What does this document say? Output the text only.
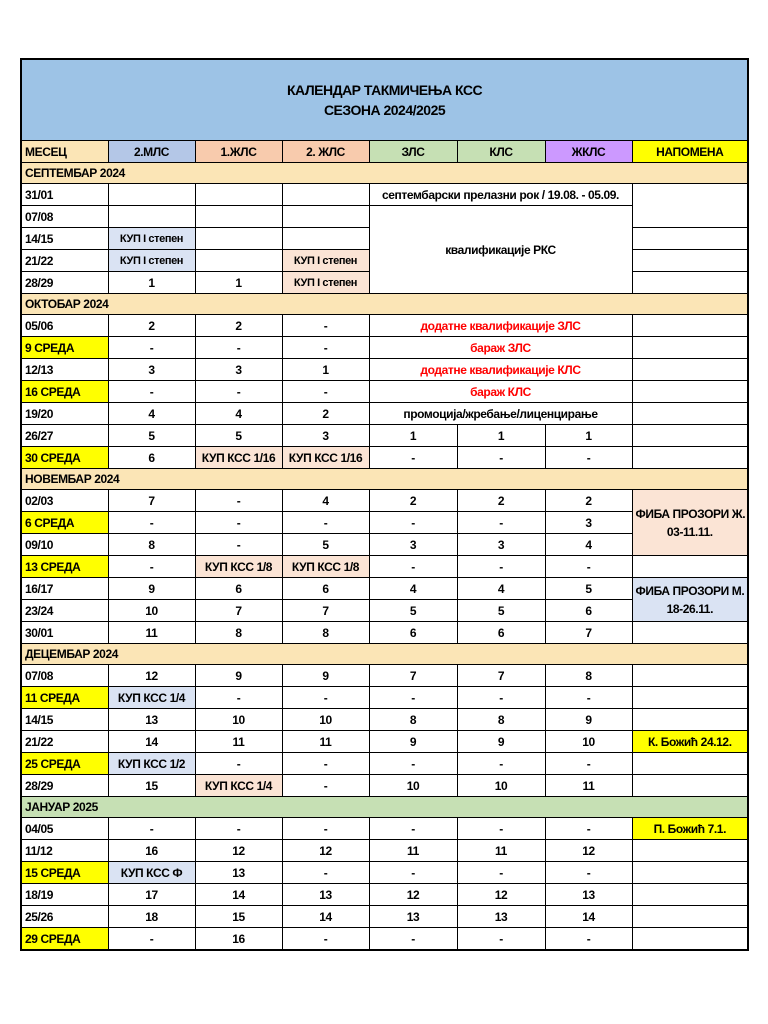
КАЛЕНДАР ТАКМИЧЕЊА КСС
СЕЗОНА 2024/2025							

МЕСЕЦ	2.МЛС	1.ЖЛС	2. ЖЛС	ЗЛС	КЛС	ЖКЛС	НАПОМЕНА
СЕПТЕМБАР 2024							
31/01				септембарски прелазни рок / 19.08. - 05.09.			
07/08				квалификације РКС			
14/15	КУП I степен						
21/22	КУП I степен		КУП I степен				
28/29	1	1	КУП I степен				
ОКТОБАР 2024							
05/06	2	2	-	додатне квалификације ЗЛС			
9 СРЕДА	-	-	-	бараж ЗЛС			
12/13	3	3	1	додатне квалификације КЛС			
16 СРЕДА	-	-	-	бараж КЛС			
19/20	4	4	2	промоција/жребање/лиценцирање			
26/27	5	5	3	1	1	1	
30 СРЕДА	6	КУП КСС 1/16	КУП КСС 1/16	-	-	-	
НОВЕМБАР 2024							
02/03	7	-	4	2	2	2	ФИБА ПРОЗОРИ Ж.
03-11.11.

6 СРЕДА	-	-	-	-	-	3	
09/10	8	-	5	3	3	4	
13 СРЕДА	-	КУП КСС 1/8	КУП КСС 1/8	-	-	-	
16/17	9	6	6	4	4	5	ФИБА ПРОЗОРИ М.
18-26.11.

23/24	10	7	7	5	5	6	
30/01	11	8	8	6	6	7	
ДЕЦЕМБАР 2024							
07/08	12	9	9	7	7	8	
11 СРЕДА	КУП КСС 1/4	-	-	-	-	-	
14/15	13	10	10	8	8	9	
21/22	14	11	11	9	9	10	К. Божић 24.12.
25 СРЕДА	КУП КСС 1/2	-	-	-	-	-	
28/29	15	КУП КСС 1/4	-	10	10	11	
ЈАНУАР 2025							
04/05	-	-	-	-	-	-	П. Божић 7.1.
11/12	16	12	12	11	11	12	
15 СРЕДА	КУП КСС Ф	13	-	-	-	-	
18/19	17	14	13	12	12	13	
25/26	18	15	14	13	13	14	
29 СРЕДА	-	16	-	-	-	-	
